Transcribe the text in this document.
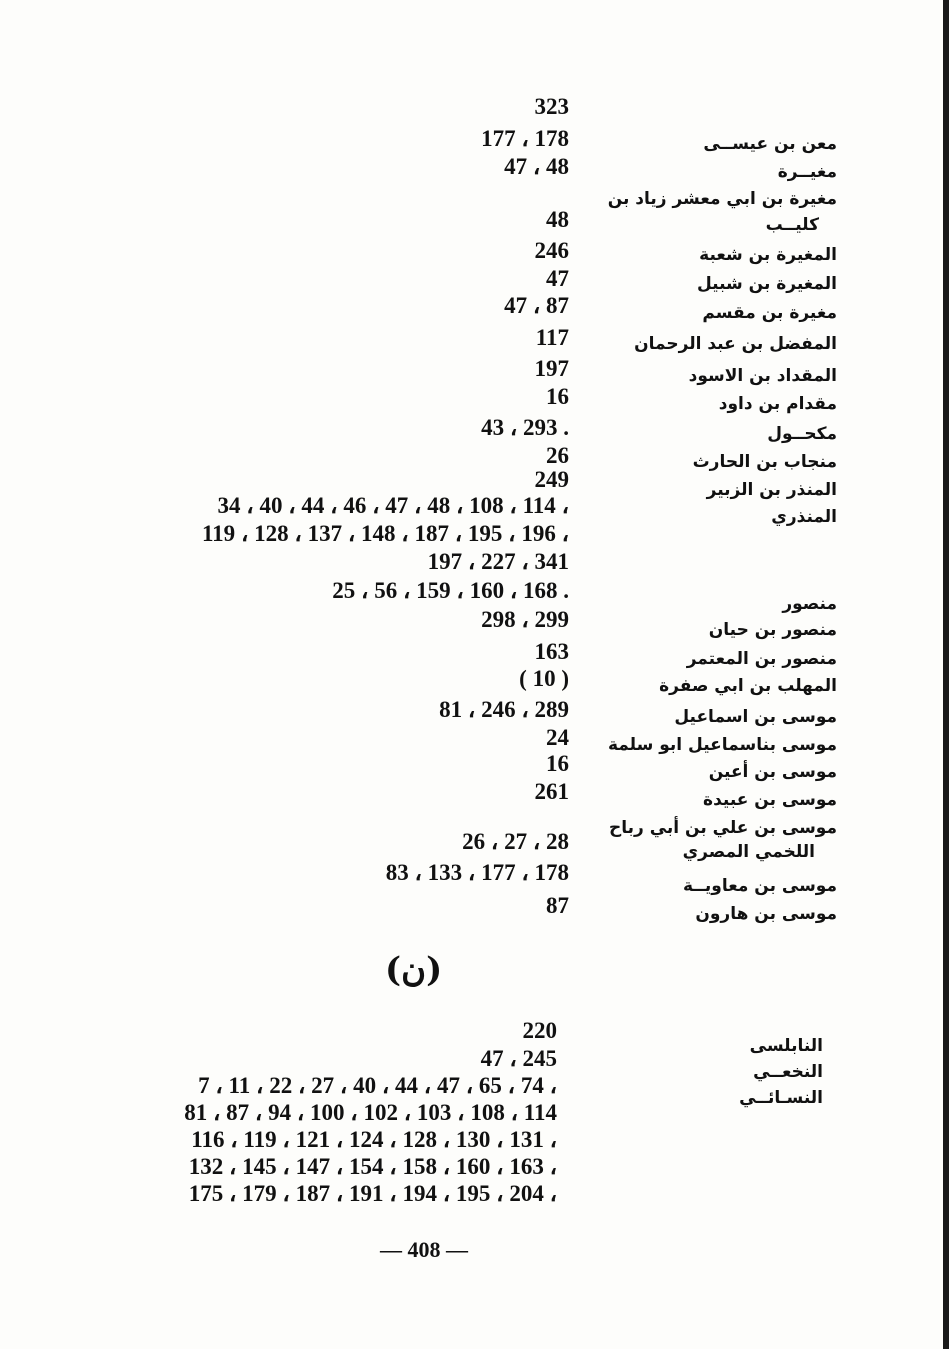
323
معن بن عيســى
مغيــرة
مغيرة بن ابي معشر زياد بن
كليــب
المغيرة بن شعبة
المغيرة بن شبيل
مغيرة بن مقسم
المفضل بن عبد الرحمان
المقداد بن الاسود
مقدام بن داود
مكحــول
منجاب بن الحارث
المنذر بن الزبير
المنذري
منصور
منصور بن حيان
منصور بن المعتمر
المهلب بن ابي صفرة
موسى بن اسماعيل
موسى بناسماعيل ابو سلمة
موسى بن أعين
موسى بن عبيدة
موسى بن علي بن أبي رباح
اللخمي المصري
موسى بن معاويــة
موسى بن هارون
178 ، 177
48 ، 47
48
246
47
87 ، 47
117
197
16
. 293 ، 43
26
249
، 114 ، 108 ، 48 ، 47 ، 46 ، 44 ، 40 ، 34
، 196 ، 195 ، 187 ، 148 ، 137 ، 128 ، 119
341 ، 227 ، 197
. 168 ، 160 ، 159 ، 56 ، 25
299 ، 298
163
( 10 )
289 ، 246 ، 81
24
16
261
28 ، 27 ، 26
178 ، 177 ، 133 ، 83
87
(ن)
النابلسى
النخعــي
النسـائــي
220
245 ، 47
، 74 ، 65 ، 47 ، 44 ، 40 ، 27 ، 22 ، 11 ، 7
114 ، 108 ، 103 ، 102 ، 100 ، 94 ، 87 ، 81
، 131 ، 130 ، 128 ، 124 ، 121 ، 119 ، 116
، 163 ، 160 ، 158 ، 154 ، 147 ، 145 ، 132
، 204 ، 195 ، 194 ، 191 ، 187 ، 179 ، 175
— 408 —
